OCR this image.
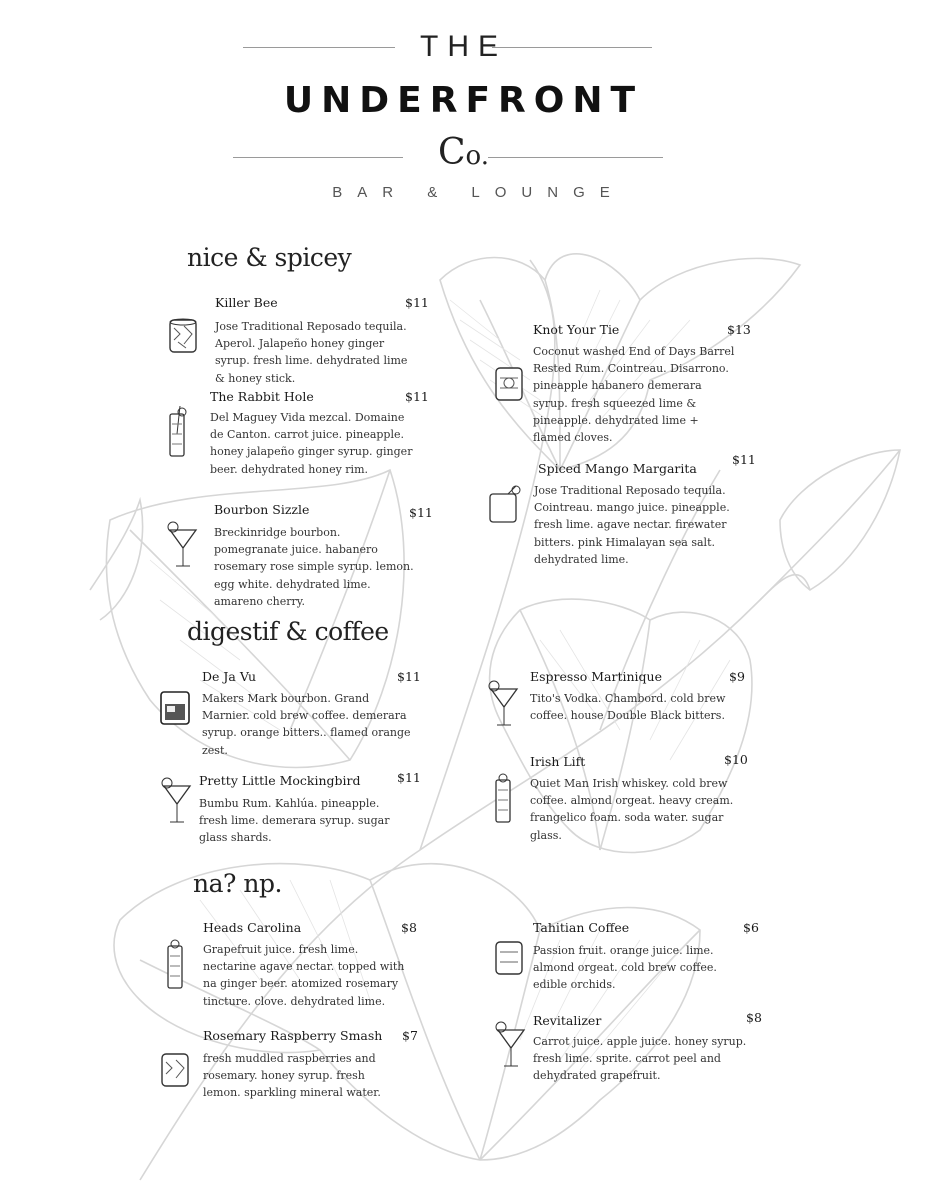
THE
UNDERFRONT
Co.
BAR & LOUNGE
nice & spicey
digestif & coffee
na? np.
Killer Bee	$11
Jose Traditional Reposado tequila. Aperol. Jalapeño honey ginger syrup. fresh lime. dehydrated lime & honey stick.
The Rabbit Hole	$11
Del Maguey Vida mezcal. Domaine de Canton. carrot juice. pineapple. honey jalapeño ginger syrup. ginger beer. dehydrated honey rim.
Bourbon Sizzle	$11
Breckinridge bourbon. pomegranate juice. habanero rosemary rose simple syrup. lemon. egg white. dehydrated lime. amareno cherry.
Knot Your Tie	$13
Coconut washed End of Days Barrel Rested Rum. Cointreau. Disarrono. pineapple habanero demerara syrup. fresh squeezed lime & pineapple. dehydrated lime + flamed cloves.
Spiced Mango Margarita
$11
Jose Traditional Reposado tequila. Cointreau. mango juice. pineapple. fresh lime. agave nectar. firewater bitters. pink Himalayan sea salt. dehydrated lime.
De Ja Vu	$11
Makers Mark bourbon. Grand Marnier. cold brew coffee. demerara syrup. orange bitters.. flamed orange zest.
Pretty Little Mockingbird	$11
Bumbu Rum. Kahlúa. pineapple. fresh lime. demerara syrup. sugar glass shards.
Espresso Martinique	$9
Tito's Vodka. Chambord. cold brew coffee. house Double Black bitters.
Irish Lift	$10
Quiet Man Irish whiskey. cold brew coffee. almond orgeat. heavy cream. frangelico foam. soda water. sugar glass.
Heads Carolina	$8
Grapefruit juice. fresh lime. nectarine agave nectar. topped with na ginger beer. atomized rosemary tincture. clove. dehydrated lime.
Rosemary Raspberry Smash $7
fresh muddled raspberries and rosemary. honey syrup. fresh lemon. sparkling mineral water.
Tahitian Coffee	$6
Passion fruit. orange juice. lime. almond orgeat. cold brew coffee. edible orchids.
Revitalizer	$8
Carrot juice. apple juice. honey syrup. fresh lime. sprite. carrot peel and dehydrated grapefruit.
